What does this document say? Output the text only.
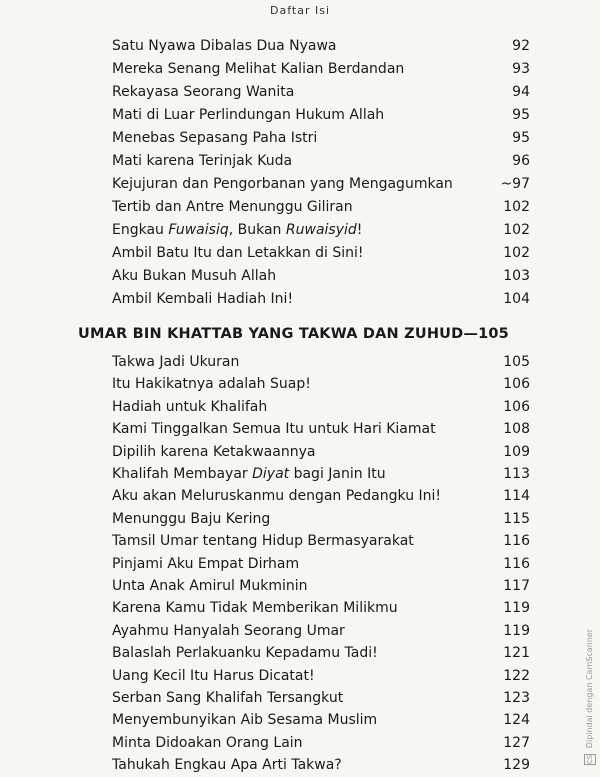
Daftar Isi
Satu Nyawa Dibalas Dua Nyawa	92
Mereka Senang Melihat Kalian Berdandan	93
Rekayasa Seorang Wanita	94
Mati di Luar Perlindungan Hukum Allah	95
Menebas Sepasang Paha Istri	95
Mati karena Terinjak Kuda	96
Kejujuran dan Pengorbanan yang Mengagumkan	~97
Tertib dan Antre Menunggu Giliran	102
Engkau Fuwaisiq, Bukan Ruwaisyid!	102
Ambil Batu Itu dan Letakkan di Sini!	102
Aku Bukan Musuh Allah	103
Ambil Kembali Hadiah Ini!	104
UMAR BIN KHATTAB YANG TAKWA DAN ZUHUD—105
Takwa Jadi Ukuran	105
Itu Hakikatnya adalah Suap!	106
Hadiah untuk Khalifah	106
Kami Tinggalkan Semua Itu untuk Hari Kiamat	108
Dipilih karena Ketakwaannya	109
Khalifah Membayar Diyat bagi Janin Itu	113
Aku akan Meluruskanmu dengan Pedangku Ini!	114
Menunggu Baju Kering	115
Tamsil Umar tentang Hidup Bermasyarakat	116
Pinjami Aku Empat Dirham	116
Unta Anak Amirul Mukminin	117
Karena Kamu Tidak Memberikan Milikmu	119
Ayahmu Hanyalah Seorang Umar	119
Balaslah Perlakuanku Kepadamu Tadi!	121
Uang Kecil Itu Harus Dicatat!	122
Serban Sang Khalifah Tersangkut	123
Menyembunyikan Aib Sesama Muslim	124
Minta Didoakan Orang Lain	127
Tahukah Engkau Apa Arti Takwa?	129	CS Dipindai dengan CamScanner
